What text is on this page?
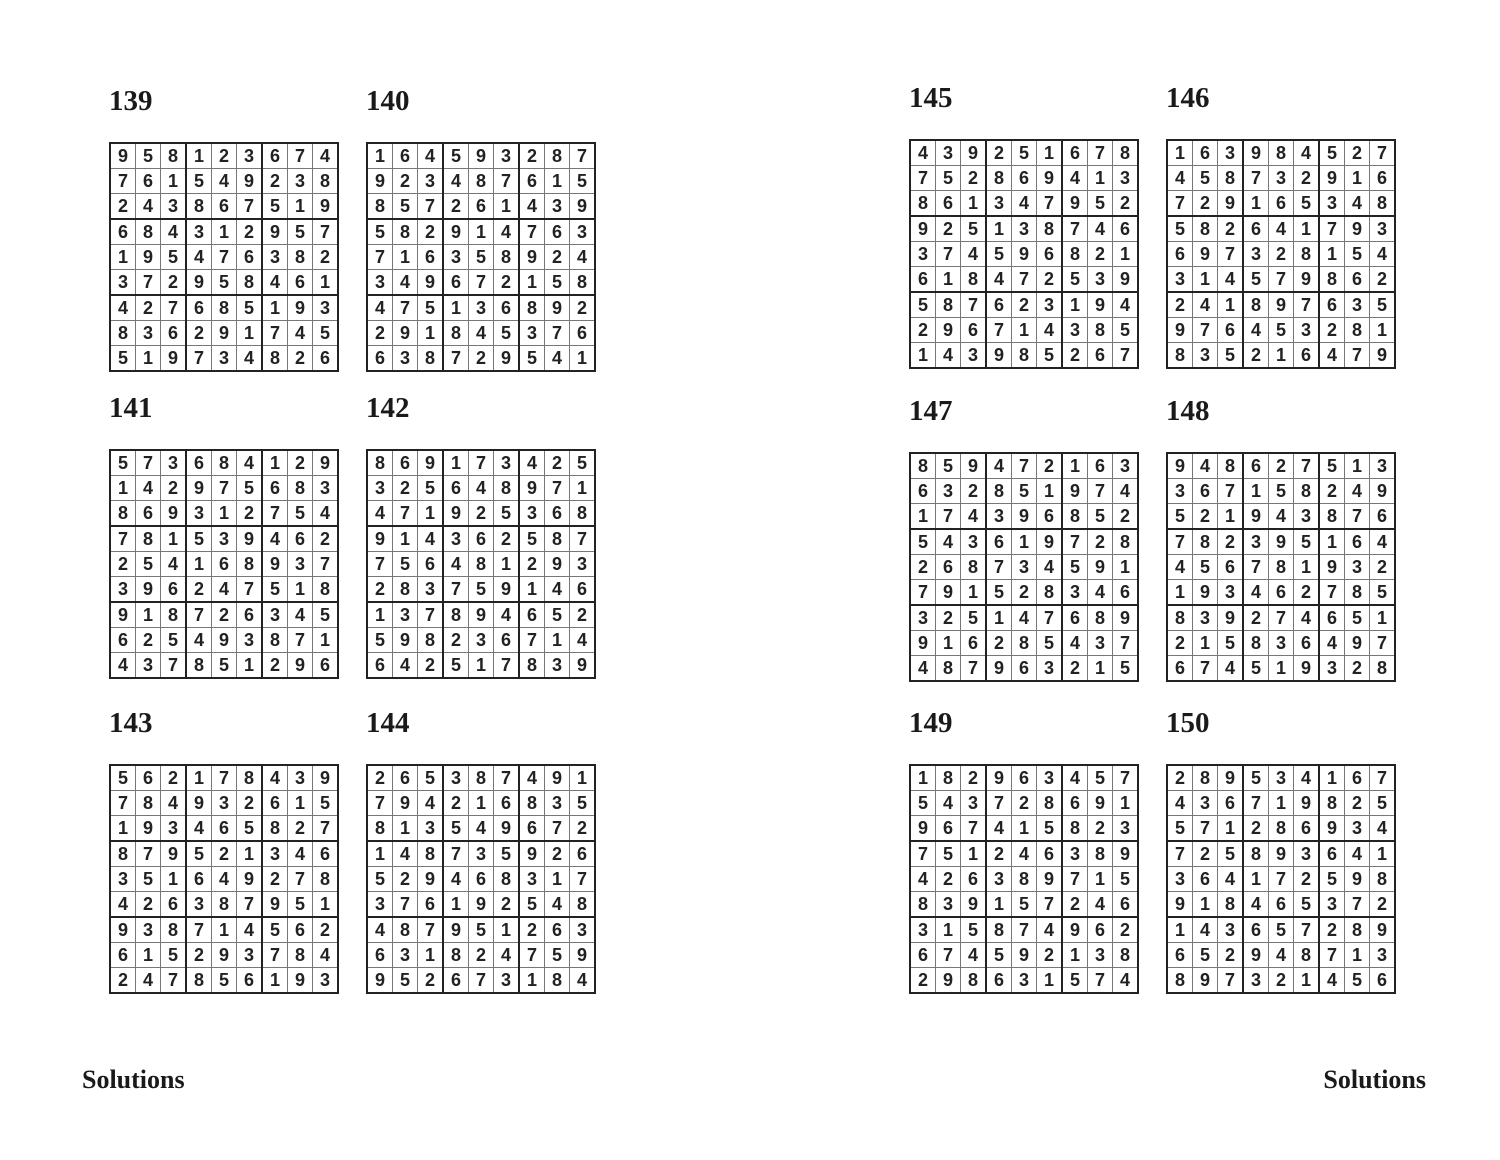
139
9	5	8	1	2	3	6	7	4
7	6	1	5	4	9	2	3	8
2	4	3	8	6	7	5	1	9
6	8	4	3	1	2	9	5	7
1	9	5	4	7	6	3	8	2
3	7	2	9	5	8	4	6	1
4	2	7	6	8	5	1	9	3
8	3	6	2	9	1	7	4	5
5	1	9	7	3	4	8	2	6
140
1	6	4	5	9	3	2	8	7
9	2	3	4	8	7	6	1	5
8	5	7	2	6	1	4	3	9
5	8	2	9	1	4	7	6	3
7	1	6	3	5	8	9	2	4
3	4	9	6	7	2	1	5	8
4	7	5	1	3	6	8	9	2
2	9	1	8	4	5	3	7	6
6	3	8	7	2	9	5	4	1
141
5	7	3	6	8	4	1	2	9
1	4	2	9	7	5	6	8	3
8	6	9	3	1	2	7	5	4
7	8	1	5	3	9	4	6	2
2	5	4	1	6	8	9	3	7
3	9	6	2	4	7	5	1	8
9	1	8	7	2	6	3	4	5
6	2	5	4	9	3	8	7	1
4	3	7	8	5	1	2	9	6
142
8	6	9	1	7	3	4	2	5
3	2	5	6	4	8	9	7	1
4	7	1	9	2	5	3	6	8
9	1	4	3	6	2	5	8	7
7	5	6	4	8	1	2	9	3
2	8	3	7	5	9	1	4	6
1	3	7	8	9	4	6	5	2
5	9	8	2	3	6	7	1	4
6	4	2	5	1	7	8	3	9
143
5	6	2	1	7	8	4	3	9
7	8	4	9	3	2	6	1	5
1	9	3	4	6	5	8	2	7
8	7	9	5	2	1	3	4	6
3	5	1	6	4	9	2	7	8
4	2	6	3	8	7	9	5	1
9	3	8	7	1	4	5	6	2
6	1	5	2	9	3	7	8	4
2	4	7	8	5	6	1	9	3
144
2	6	5	3	8	7	4	9	1
7	9	4	2	1	6	8	3	5
8	1	3	5	4	9	6	7	2
1	4	8	7	3	5	9	2	6
5	2	9	4	6	8	3	1	7
3	7	6	1	9	2	5	4	8
4	8	7	9	5	1	2	6	3
6	3	1	8	2	4	7	5	9
9	5	2	6	7	3	1	8	4
145
4	3	9	2	5	1	6	7	8
7	5	2	8	6	9	4	1	3
8	6	1	3	4	7	9	5	2
9	2	5	1	3	8	7	4	6
3	7	4	5	9	6	8	2	1
6	1	8	4	7	2	5	3	9
5	8	7	6	2	3	1	9	4
2	9	6	7	1	4	3	8	5
1	4	3	9	8	5	2	6	7
146
1	6	3	9	8	4	5	2	7
4	5	8	7	3	2	9	1	6
7	2	9	1	6	5	3	4	8
5	8	2	6	4	1	7	9	3
6	9	7	3	2	8	1	5	4
3	1	4	5	7	9	8	6	2
2	4	1	8	9	7	6	3	5
9	7	6	4	5	3	2	8	1
8	3	5	2	1	6	4	7	9
147
8	5	9	4	7	2	1	6	3
6	3	2	8	5	1	9	7	4
1	7	4	3	9	6	8	5	2
5	4	3	6	1	9	7	2	8
2	6	8	7	3	4	5	9	1
7	9	1	5	2	8	3	4	6
3	2	5	1	4	7	6	8	9
9	1	6	2	8	5	4	3	7
4	8	7	9	6	3	2	1	5
148
9	4	8	6	2	7	5	1	3
3	6	7	1	5	8	2	4	9
5	2	1	9	4	3	8	7	6
7	8	2	3	9	5	1	6	4
4	5	6	7	8	1	9	3	2
1	9	3	4	6	2	7	8	5
8	3	9	2	7	4	6	5	1
2	1	5	8	3	6	4	9	7
6	7	4	5	1	9	3	2	8
149
1	8	2	9	6	3	4	5	7
5	4	3	7	2	8	6	9	1
9	6	7	4	1	5	8	2	3
7	5	1	2	4	6	3	8	9
4	2	6	3	8	9	7	1	5
8	3	9	1	5	7	2	4	6
3	1	5	8	7	4	9	6	2
6	7	4	5	9	2	1	3	8
2	9	8	6	3	1	5	7	4
150
2	8	9	5	3	4	1	6	7
4	3	6	7	1	9	8	2	5
5	7	1	2	8	6	9	3	4
7	2	5	8	9	3	6	4	1
3	6	4	1	7	2	5	9	8
9	1	8	4	6	5	3	7	2
1	4	3	6	5	7	2	8	9
6	5	2	9	4	8	7	1	3
8	9	7	3	2	1	4	5	6
Solutions	Solutions
